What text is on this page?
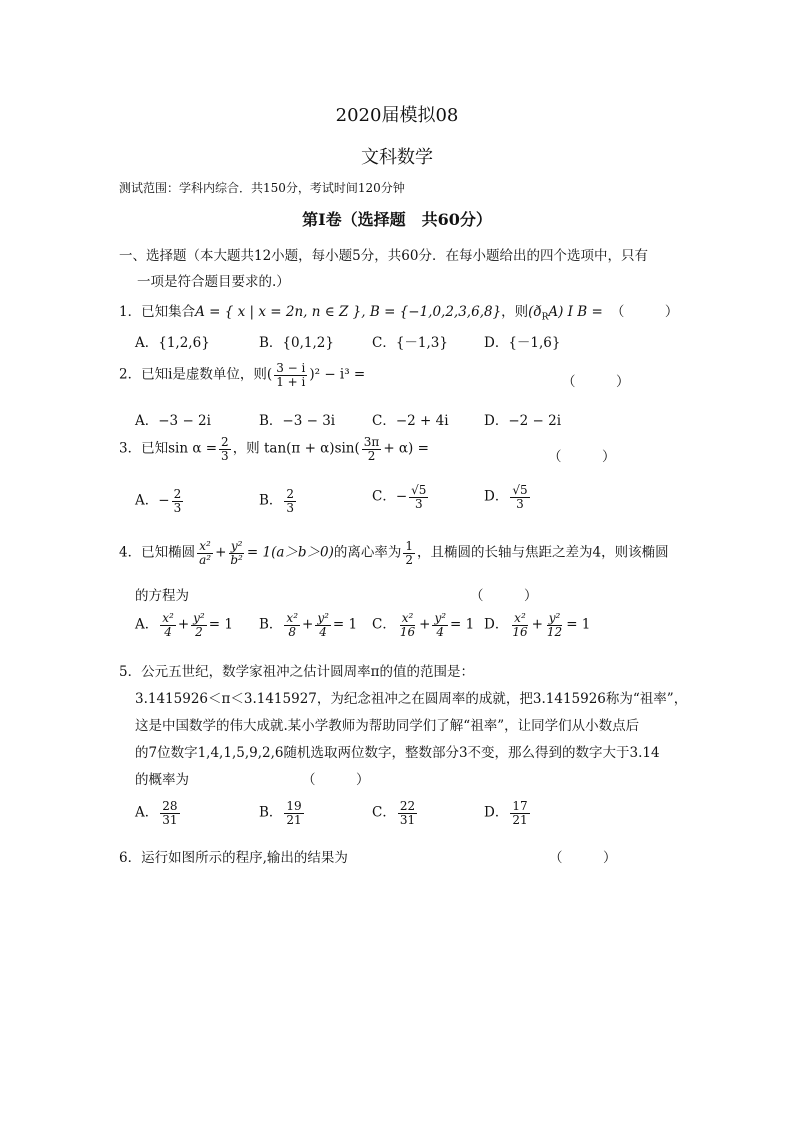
2020届模拟08
文科数学
测试范围：学科内综合．共150分，考试时间120分钟
第Ⅰ卷（选择题　共60分）
一、选择题（本大题共12小题，每小题5分，共60分．在每小题给出的四个选项中，只有
一项是符合题目要求的.）
1．已知集合A = { x | x = 2n, n ∈ Z }, B = {−1,0,2,3,6,8}，则$(ð_RA)$ I B = （　　　）
A．{1,2,6}	B．{0,1,2}	C．{－1,3}	D．{－1,6}
2．已知i是虚数单位，则( $\frac{3 - i}{1 + i} )^2 - i^3$ =	（　　　）
A．−3 − 2i	B．−3 − 3i	C．−2 + 4i	D．−2 − 2i
3．已知$\sin \alpha = \frac{2}{3}$ ，则 $\tan(\pi + \alpha)\sin( \frac{3\pi}{2} + \alpha)$ =
（　　　）
A．− $\frac{2}{3}$	B． $\frac{2}{3}$	C．− $\frac{√5}{3}$	D． $\frac{√5}{3}$
4．已知椭圆 $\frac{\text{x²}}{\text{a²}} + \frac{\text{y²}}{\text{b²}} = 1(a>b>0)$的离心率为 $\frac{1}{2}$ ，且椭圆的长轴与焦距之差为4，则该椭圆
的方程为	（　　　）
A． $\frac{\text{x²}}{4} + \frac{\text{y²}}{2} = 1$ B． $\frac{\text{x²}}{8} + \frac{\text{y²}}{4} = 1$ C． $\frac{\text{x²}}{16} + \frac{\text{y²}}{4} = 1$ D． $\frac{\text{x²}}{16} + \frac{\text{y²}}{12} = 1$
5．公元五世纪，数学家祖冲之估计圆周率π的值的范围是：
3.1415926＜π＜3.1415927，为纪念祖冲之在圆周率的成就，把3.1415926称为“祖率”，
这是中国数学的伟大成就.某小学教师为帮助同学们了解“祖率”，让同学们从小数点后
的7位数字1,4,1,5,9,2,6随机选取两位数字，整数部分3不变，那么得到的数字大于3.14
的概率为	（　　　）
A． $\frac{28}{31}$	B． $\frac{19}{21}$	C． $\frac{22}{31}$	D． $\frac{17}{21}$
6．运行如图所示的程序,输出的结果为	（　　　）
